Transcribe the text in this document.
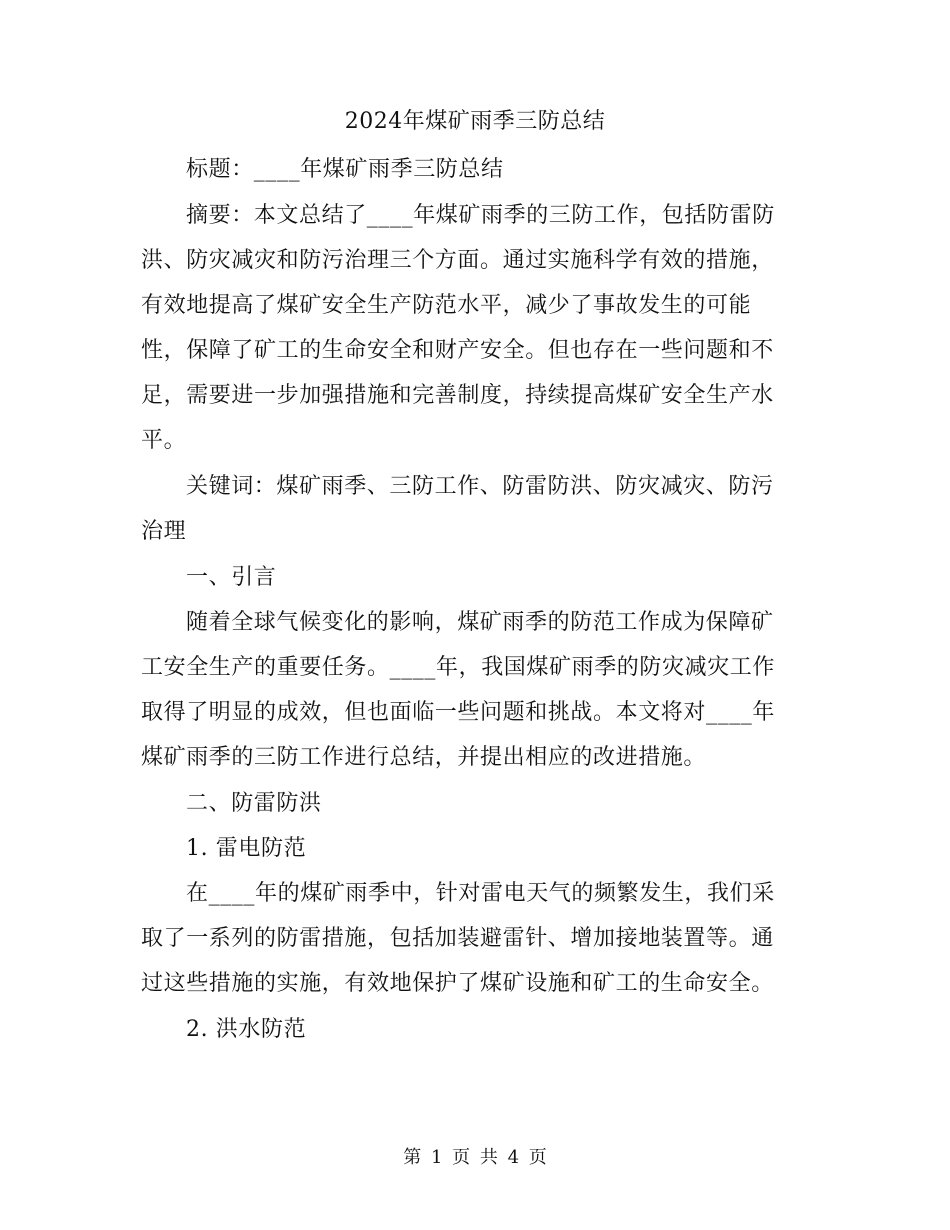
2024年煤矿雨季三防总结
标题：____年煤矿雨季三防总结
摘要：本文总结了____年煤矿雨季的三防工作，包括防雷防
洪、防灾减灾和防污治理三个方面。通过实施科学有效的措施，
有效地提高了煤矿安全生产防范水平，减少了事故发生的可能
性，保障了矿工的生命安全和财产安全。但也存在一些问题和不
足，需要进一步加强措施和完善制度，持续提高煤矿安全生产水
平。
关键词：煤矿雨季、三防工作、防雷防洪、防灾减灾、防污
治理
一、引言
随着全球气候变化的影响，煤矿雨季的防范工作成为保障矿
工安全生产的重要任务。____年，我国煤矿雨季的防灾减灾工作
取得了明显的成效，但也面临一些问题和挑战。本文将对____年
煤矿雨季的三防工作进行总结，并提出相应的改进措施。
二、防雷防洪
1. 雷电防范
在____年的煤矿雨季中，针对雷电天气的频繁发生，我们采
取了一系列的防雷措施，包括加装避雷针、增加接地装置等。通
过这些措施的实施，有效地保护了煤矿设施和矿工的生命安全。
2. 洪水防范
第 1 页 共 4 页
